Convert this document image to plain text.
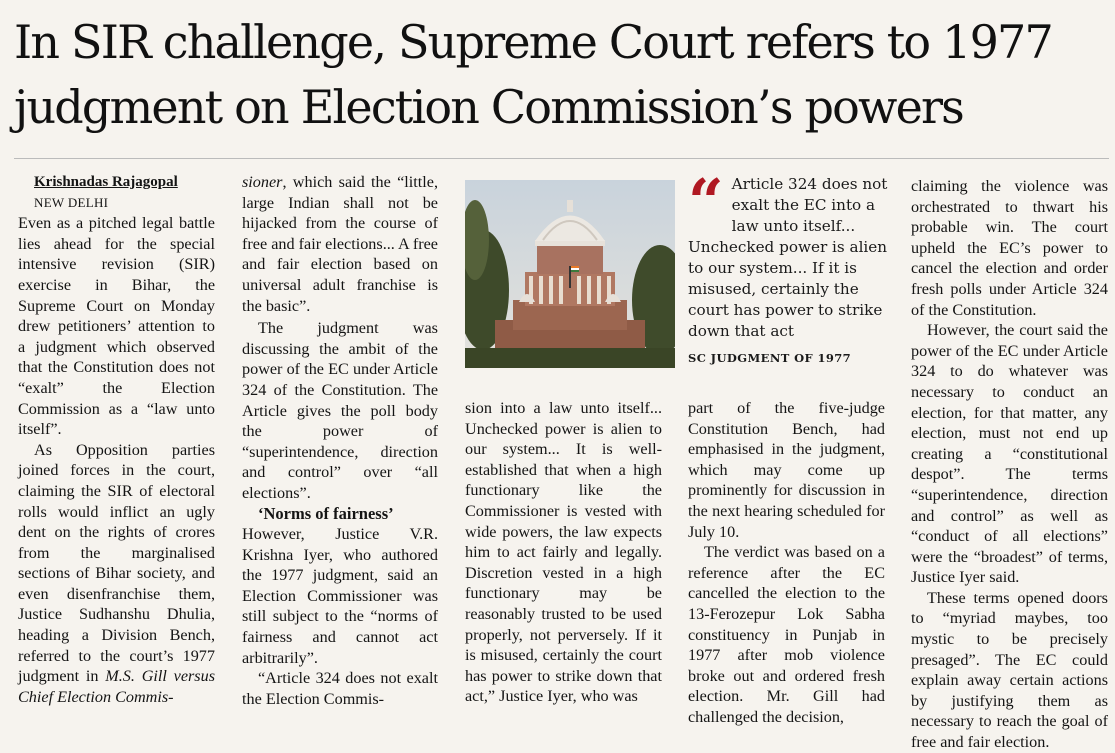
In SIR challenge, Supreme Court refers to 1977 judgment on Election Commission’s powers

Krishnadas Rajagopal

NEW DELHI

Even as a pitched legal battle lies ahead for the special intensive revision (SIR) exercise in Bihar, the Supreme Court on Monday drew petitioners’ attention to a judgment which observed that the Constitution does not “exalt” the Election Commission as a “law unto itself”.

As Opposition parties joined forces in the court, claiming the SIR of electoral rolls would inflict an ugly dent on the rights of crores from the marginalised sections of Bihar society, and even disenfranchise them, Justice Sudhanshu Dhulia, heading a Division Bench, referred to the court’s 1977 judgment in M.S. Gill versus Chief Election Commis-

sioner, which said the “little, large Indian shall not be hijacked from the course of free and fair elections... A free and fair election based on universal adult franchise is the basic”.

The judgment was discussing the ambit of the power of the EC under Article 324 of the Constitution. The Article gives the poll body the power of “superintendence, direction and control” over “all elections”.

‘Norms of fairness’

However, Justice V.R. Krishna Iyer, who authored the 1977 judgment, said an Election Commissioner was still subject to the “norms of fairness and cannot act arbitrarily”.

“Article 324 does not exalt the Election Commis-

sion into a law unto itself... Unchecked power is alien to our system... It is well-established that when a high functionary like the Commissioner is vested with wide powers, the law expects him to act fairly and legally. Discretion vested in a high functionary may be reasonably trusted to be used properly, not perversely. If it is misused, certainly the court has power to strike down that act,” Justice Iyer, who was

“ Article 324 does not exalt the EC into a law unto itself... Unchecked power is alien to our system... If it is misused, certainly the court has power to strike down that act
SC JUDGMENT OF 1977

part of the five-judge Constitution Bench, had emphasised in the judgment, which may come up prominently for discussion in the next hearing scheduled for July 10.

The verdict was based on a reference after the EC cancelled the election to the 13-Ferozepur Lok Sabha constituency in Punjab in 1977 after mob violence broke out and ordered fresh election. Mr. Gill had challenged the decision,

claiming the violence was orchestrated to thwart his probable win. The court upheld the EC’s power to cancel the election and order fresh polls under Article 324 of the Constitution.

However, the court said the power of the EC under Article 324 to do whatever was necessary to conduct an election, for that matter, any election, must not end up creating a “constitutional despot”. The terms “superintendence, direction and control” as well as “conduct of all elections” were the “broadest” of terms, Justice Iyer said.

These terms opened doors to “myriad maybes, too mystic to be precisely presaged”. The EC could explain away certain actions by justifying them as necessary to reach the goal of free and fair election.
